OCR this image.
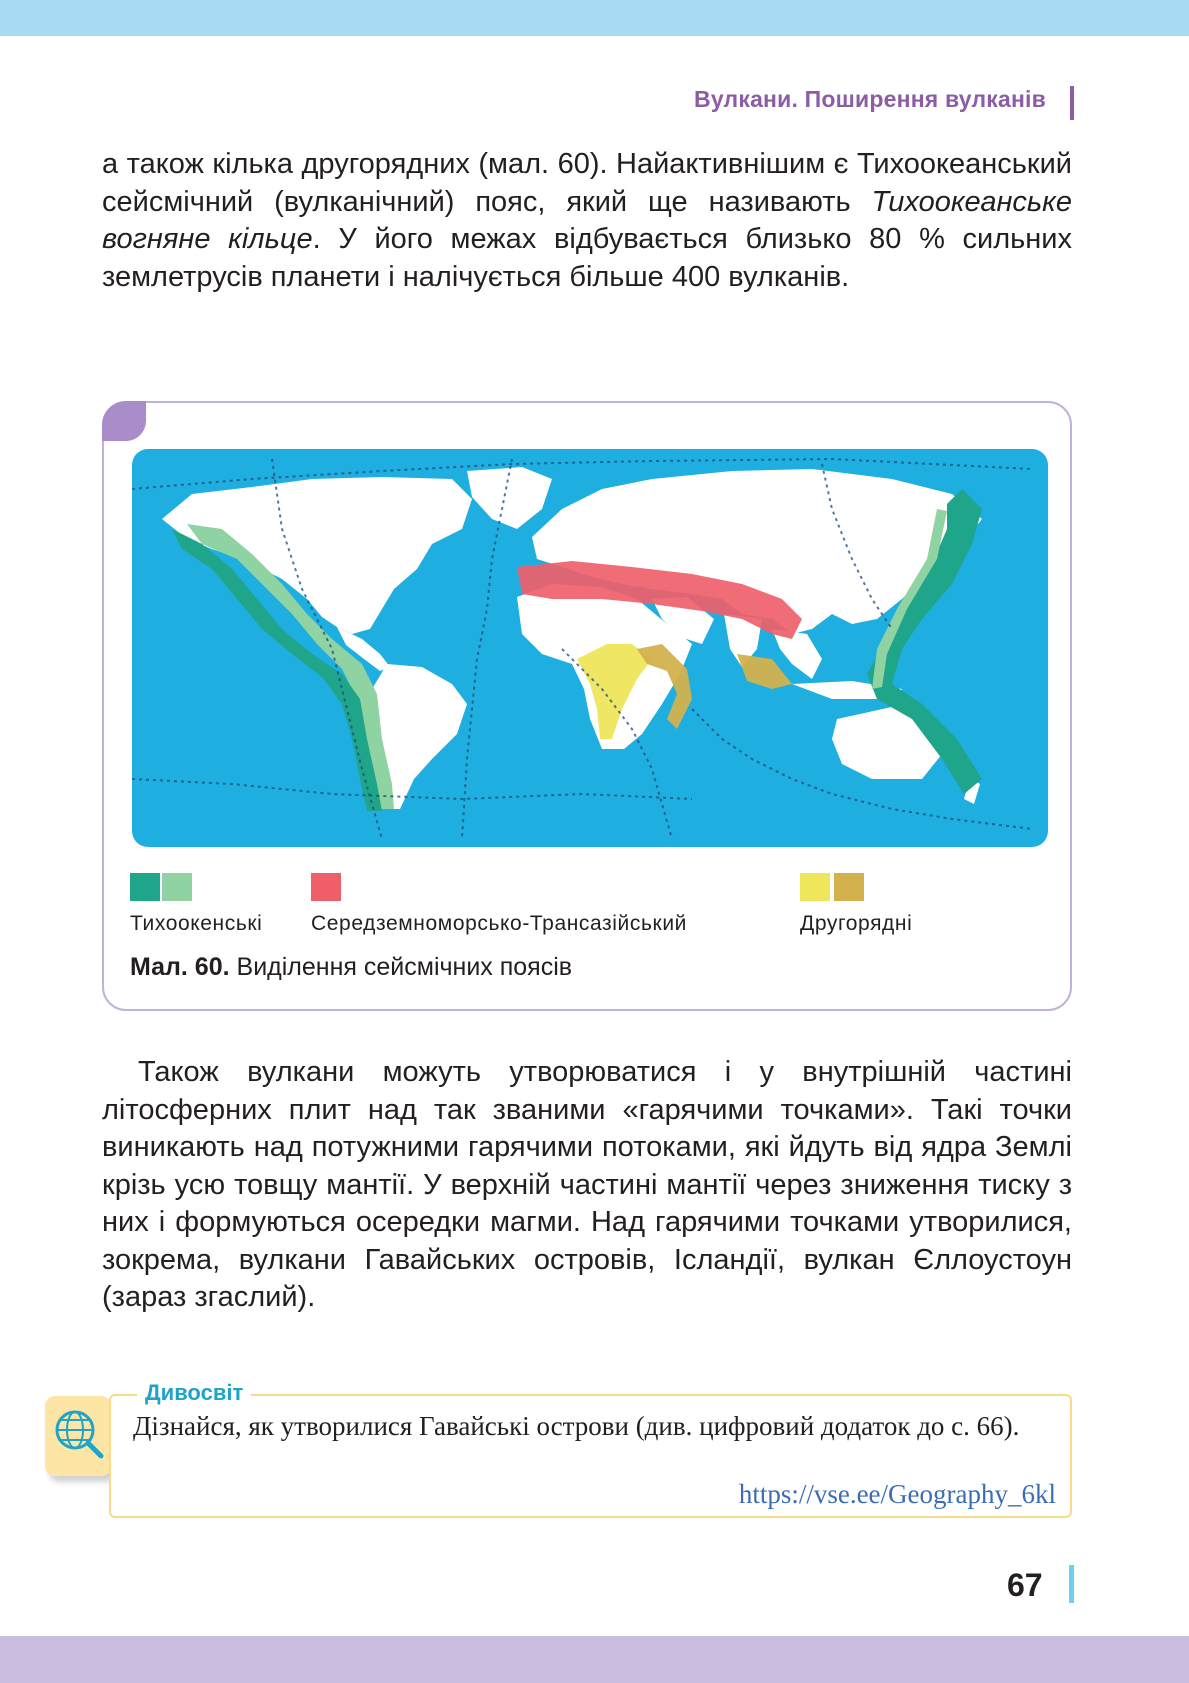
Вулкани. Поширення вулканів

а також кілька другорядних (мал. 60). Найактивнішим є Тихоокеанський сейсмічний (вулканічний) пояс, який ще називають Тихоокеанське вогняне кільце. У його межах відбувається близько 80 % сильних землетрусів планети і налічується більше 400 вулканів.

Тихоокенські Середземноморсько-Трансазійський	Другорядні
Мал. 60. Виділення сейсмічних поясів

Також вулкани можуть утворюватися і у внутрішній частині літосферних плит над так званими «гарячими точками». Такі точки виникають над потужними гарячими потоками, які йдуть від ядра Землі крізь усю товщу мантії. У верхній частині мантії через зниження тиску з них і формуються осередки магми. Над гарячими точками утворилися, зокрема, вулкани Гавайських островів, Ісландії, вулкан Єллоустоун (зараз згаслий).

Дивосвіт

Дізнайся, як утворилися Гавайські острови (див. цифровий додаток до с. 66).

https://vse.ee/Geography_6kl
67
